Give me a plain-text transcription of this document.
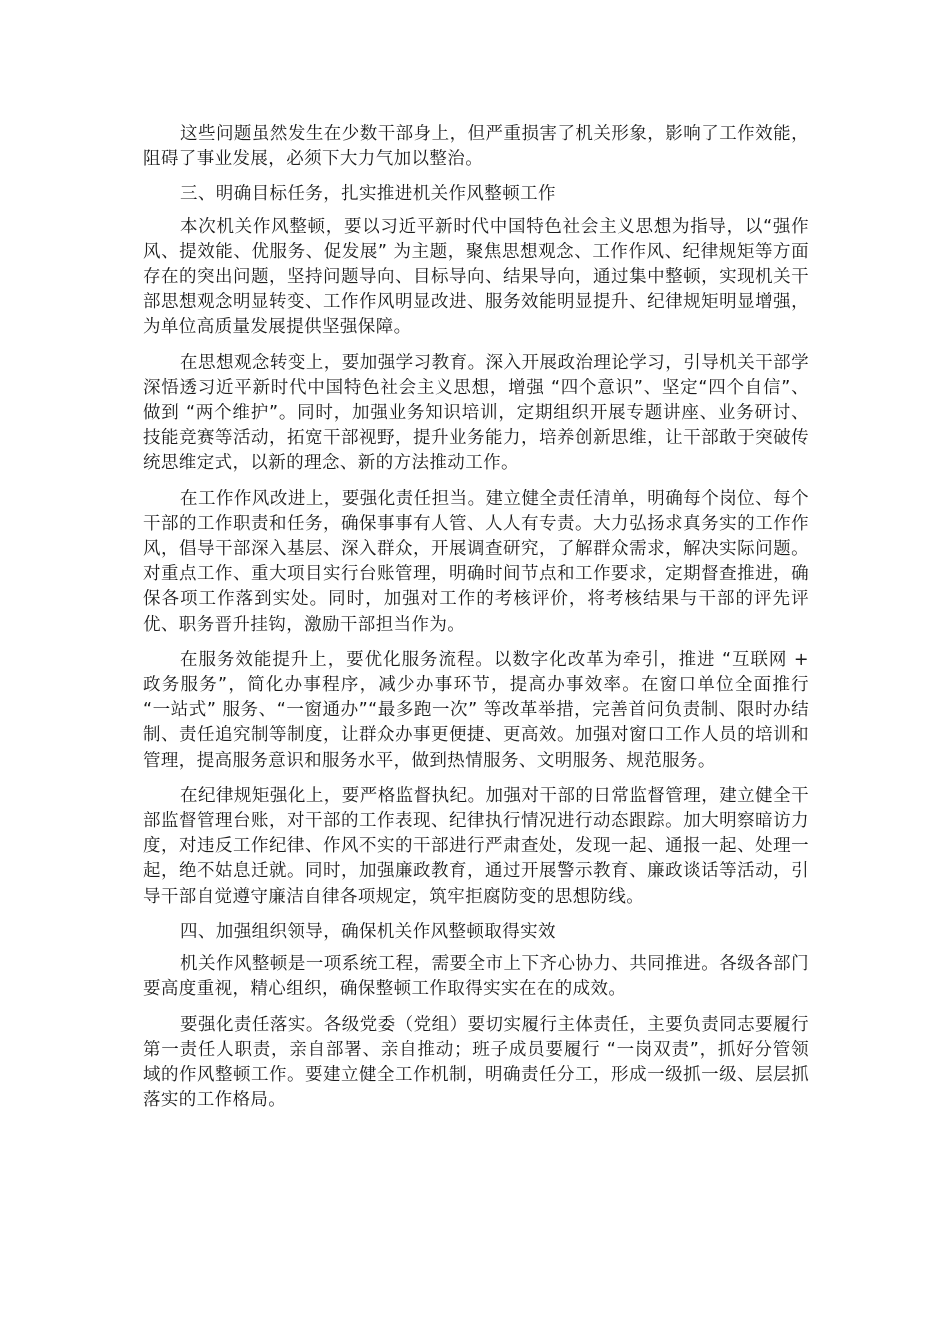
这些问题虽然发生在少数干部身上，但严重损害了机关形象，影响了工作效能，阻碍了事业发展，必须下大力气加以整治。

三、明确目标任务，扎实推进机关作风整顿工作

本次机关作风整顿，要以习近平新时代中国特色社会主义思想为指导，以“强作风、提效能、优服务、促发展” 为主题，聚焦思想观念、工作作风、纪律规矩等方面存在的突出问题，坚持问题导向、目标导向、结果导向，通过集中整顿，实现机关干部思想观念明显转变、工作作风明显改进、服务效能明显提升、纪律规矩明显增强，为单位高质量发展提供坚强保障。

在思想观念转变上，要加强学习教育。深入开展政治理论学习，引导机关干部学深悟透习近平新时代中国特色社会主义思想，增强 “四个意识”、坚定“四个自信”、做到 “两个维护”。同时，加强业务知识培训，定期组织开展专题讲座、业务研讨、技能竞赛等活动，拓宽干部视野，提升业务能力，培养创新思维，让干部敢于突破传统思维定式，以新的理念、新的方法推动工作。

在工作作风改进上，要强化责任担当。建立健全责任清单，明确每个岗位、每个干部的工作职责和任务，确保事事有人管、人人有专责。大力弘扬求真务实的工作作风，倡导干部深入基层、深入群众，开展调查研究，了解群众需求，解决实际问题。对重点工作、重大项目实行台账管理，明确时间节点和工作要求，定期督查推进，确保各项工作落到实处。同时，加强对工作的考核评价，将考核结果与干部的评先评优、职务晋升挂钩，激励干部担当作为。

在服务效能提升上，要优化服务流程。以数字化改革为牵引，推进 “互联网 + 政务服务”，简化办事程序，减少办事环节，提高办事效率。在窗口单位全面推行 “一站式” 服务、“一窗通办”“最多跑一次” 等改革举措，完善首问负责制、限时办结制、责任追究制等制度，让群众办事更便捷、更高效。加强对窗口工作人员的培训和管理，提高服务意识和服务水平，做到热情服务、文明服务、规范服务。

在纪律规矩强化上，要严格监督执纪。加强对干部的日常监督管理，建立健全干部监督管理台账，对干部的工作表现、纪律执行情况进行动态跟踪。加大明察暗访力度，对违反工作纪律、作风不实的干部进行严肃查处，发现一起、通报一起、处理一起，绝不姑息迁就。同时，加强廉政教育，通过开展警示教育、廉政谈话等活动，引导干部自觉遵守廉洁自律各项规定，筑牢拒腐防变的思想防线。

四、加强组织领导，确保机关作风整顿取得实效

机关作风整顿是一项系统工程，需要全市上下齐心协力、共同推进。各级各部门要高度重视，精心组织，确保整顿工作取得实实在在的成效。

要强化责任落实。各级党委（党组）要切实履行主体责任，主要负责同志要履行第一责任人职责，亲自部署、亲自推动；班子成员要履行 “一岗双责”，抓好分管领域的作风整顿工作。要建立健全工作机制，明确责任分工，形成一级抓一级、层层抓落实的工作格局。
